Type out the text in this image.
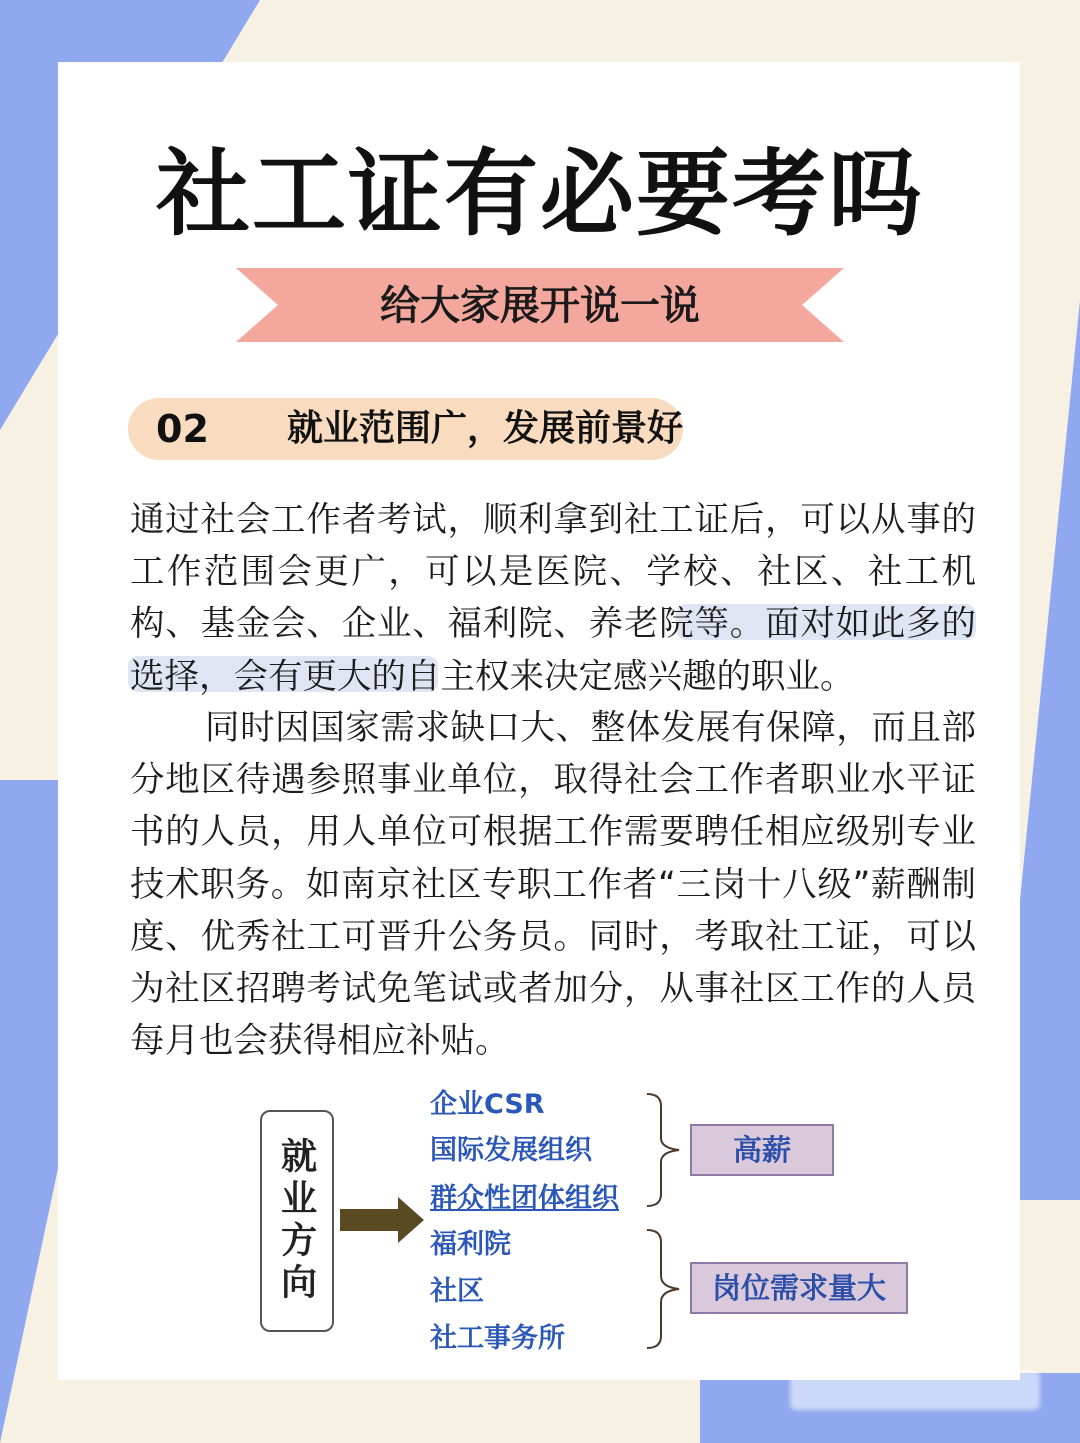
社工证有必要考吗
给大家展开说一说
02 就业范围广，发展前景好

通过社会工作者考试，顺利拿到社工证后，可以从事的工作范围会更广，可以是医院、学校、社区、社工机构、基金会、企业、福利院、养老院等。面对如此多的选择，会有更大的自主权来决定感兴趣的职业。

同时因国家需求缺口大、整体发展有保障，而且部分地区待遇参照事业单位，取得社会工作者职业水平证书的人员，用人单位可根据工作需要聘任相应级别专业技术职务。如南京社区专职工作者“三岗十八级”薪酬制度、优秀社工可晋升公务员。同时，考取社工证，可以为社区招聘考试免笔试或者加分，从事社区工作的人员每月也会获得相应补贴。

就业方向
企业CSR
国际发展组织
群众性团体组织
福利院
社区
社工事务所
高薪
岗位需求量大
